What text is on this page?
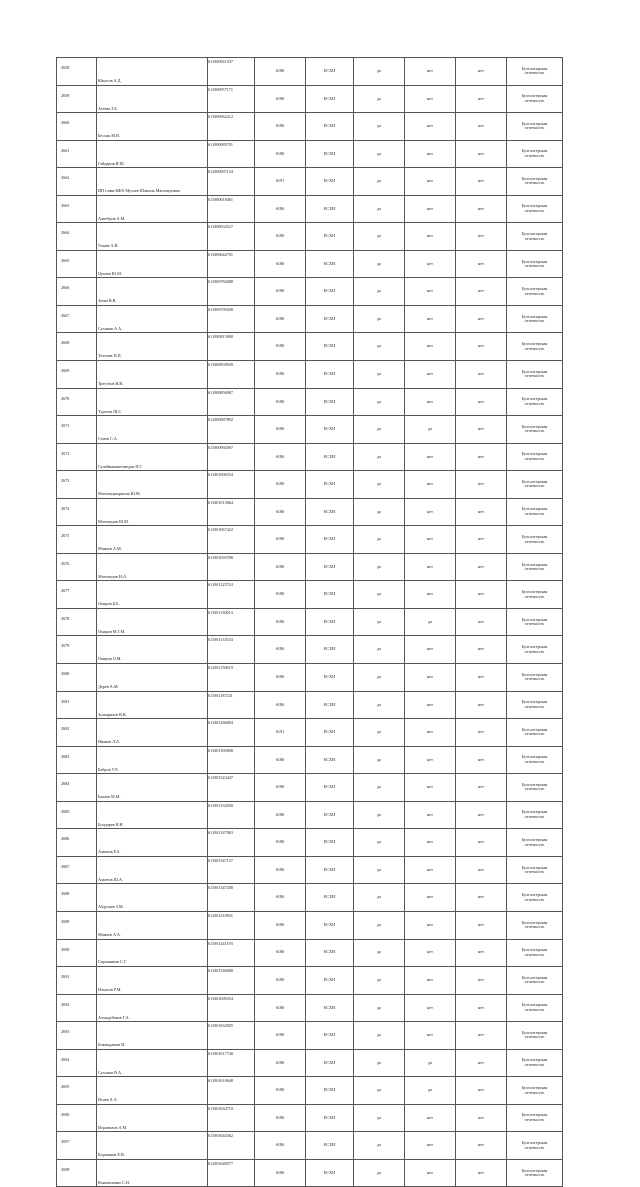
2658	Юнусов А.Д.	611000941037	6186	ЕСХН	да	нет	нет	Бухгалтерская
отчетность

2659	Агеева З.Б.	611000957171	6186	ЕСХН	да	нет	нет	Бухгалтерская
отчетность

2660	Бесхан М.В.	611000962212	6186	ЕСХН	да	нет	нет	Бухгалтерская
отчетность

2661	Гайдаров В.Ш.	611000985791	6186	ЕСХН	да	нет	нет	Бухгалтерская
отчетность

2662	ИП глава КФХ Мусаев Шамиль Магомедович	611000997134	6191	ЕСХН	да	нет	нет	Бухгалтерская
отчетность

2663	Алиебров А.М.	611000618461	6186	ЕСХН	да	нет	нет	Бухгалтерская
отчетность

2664	Ушаев А.В.	611000634527	6186	ЕСХН	да	нет	нет	Бухгалтерская
отчетность

2665	Цукаев Ю.М.	611000642701	6186	ЕСХН	да	нет	нет	Бухгалтерская
отчетность

2666	Зуева В.В.	611000784088	6186	ЕСХН	да	нет	нет	Бухгалтерская
отчетность

2667	Суханов А.А.	611000799438	6186	ЕСХН	да	нет	нет	Бухгалтерская
отчетность

2668	Телчиев Н.П.	611000815068	6186	ЕСХН	да	нет	нет	Бухгалтерская
отчетность

2669	Трегубов И.В.	611000839949	6186	ЕСХН	да	нет	нет	Бухгалтерская
отчетность

2670	Турсьев Ш.С.	611000856967	6186	ЕСХН	да	нет	нет	Бухгалтерская
отчетность

2671	Сеиов С.А.	611000887892	6186	ЕСХН	да	да	нет	Бухгалтерская
отчетность

2672	Сулейманмагомедов П.Г.	611000992097	6186	ЕСХН	да	нет	нет	Бухгалтерская
отчетность

2673	Магомедшарипов Ш.М.	611001006554	6186	ЕСХН	да	нет	нет	Бухгалтерская
отчетность

2674	Магомедов Ш.М.	611001013664	6186	ЕСХН	да	нет	нет	Бухгалтерская
отчетность

2675	Мамаев А.М.	611001067422	6186	ЕСХН	да	нет	нет	Бухгалтерская
отчетность

2676	Магомедов Н.А.	611001093780	6186	ЕСХН	да	нет	нет	Бухгалтерская
отчетность

2677	Омаров Б.Б.	611001125724	6186	ЕСХН	да	нет	нет	Бухгалтерская
отчетность

2678	Омаров М.Г.М.	611001130013	6186	ЕСХН	да	да	нет	Бухгалтерская
отчетность

2679	Омаров О.М.	611001133534	6186	ЕСХН	да	нет	нет	Бухгалтерская
отчетность

2680	Дерев А.М.	611001158619	6186	ЕСХН	да	нет	нет	Бухгалтерская
отчетность

2681	Зулкарнаев В.В.	611001187241	6186	ЕСХН	да	нет	нет	Бухгалтерская
отчетность

2682	Иванов Л.А.	611001266894	6191	ЕСХН	да	нет	нет	Бухгалтерская
отчетность

2683	Бабров У.Х.	611001305698	6186	ЕСХН	да	нет	нет	Бухгалтерская
отчетность

2684	Бакаев М.М.	611001324447	6186	ЕСХН	да	нет	нет	Бухгалтерская
отчетность

2685	Бондарев В.Н.	611001332030	6186	ЕСХН	да	нет	нет	Бухгалтерская
отчетность

2686	Азаитов Р.А.	611001347063	6186	ЕСХН	да	нет	нет	Бухгалтерская
отчетность

2687	Азаитов Ш.А.	611001347137	6186	ЕСХН	да	нет	нет	Бухгалтерская
отчетность

2688	Абдулаев З.М.	611001347438	6186	ЕСХН	да	нет	нет	Бухгалтерская
отчетность

2689	Мамаев А.Х.	611001410941	6186	ЕСХН	да	нет	нет	Бухгалтерская
отчетность

2690	Сархаников С.Г.	611001441193	6186	ЕСХН	да	нет	нет	Бухгалтерская
отчетность

2691	Ильясов Р.М.	611001546008	6186	ЕСХН	да	нет	нет	Бухгалтерская
отчетность

2692	Ахмадубеков Г.А.	611001609254	6186	ЕСХН	да	нет	нет	Бухгалтерская
отчетность

2693	Бикмаджиев И.	611001634505	6186	ЕСХН	да	нет	нет	Бухгалтерская
отчетность

2694	Сухонов В.А.	611001617740	6186	ЕСХН	да	да	нет	Бухгалтерская
отчетность

2695	Исаев А.А.	611001619648	6186	ЕСХН	да	да	нет	Бухгалтерская
отчетность

2696	Исрапилов А.М.	611001634710	6186	ЕСХН	да	нет	нет	Бухгалтерская
отчетность

2697	Борзенков Е.В.	611001644362	6186	ЕСХН	да	нет	нет	Бухгалтерская
отчетность

2698	Коноваленко С.Н.	611001648577	6186	ЕСХН	да	нет	нет	Бухгалтерская
отчетность
